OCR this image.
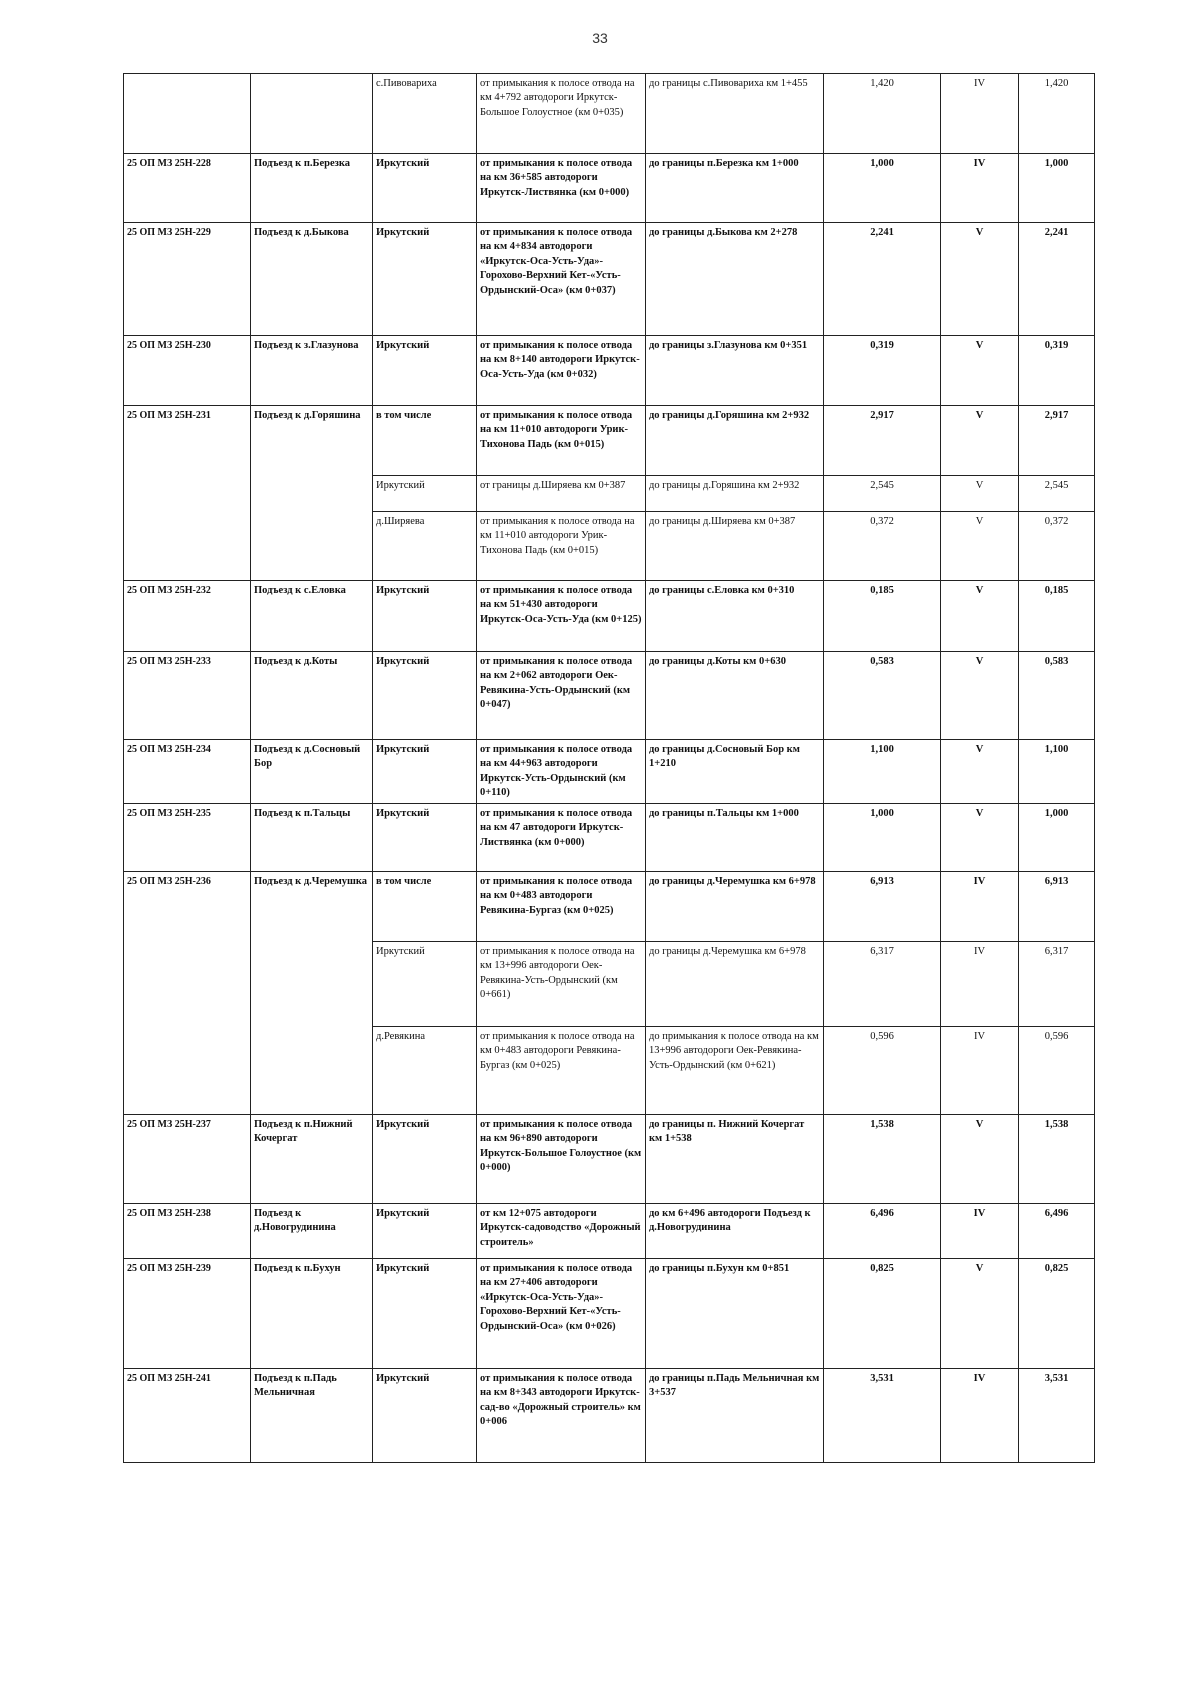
33
		с.Пивовариха	от примыкания к полосе отвода на км 4+792 автодороги Иркутск-Большое Голоустное (км 0+035)	до границы с.Пивовариха км 1+455	1,420	IV	1,420
25 ОП МЗ 25Н-228	Подъезд к п.Березка	Иркутский	от примыкания к полосе отвода на км 36+585 автодороги Иркутск-Листвянка (км 0+000)	до границы п.Березка км 1+000	1,000	IV	1,000
25 ОП МЗ 25Н-229	Подъезд к д.Быкова	Иркутский	от примыкания к полосе отвода на км 4+834 автодороги «Иркутск-Оса-Усть-Уда»-Горохово-Верхний Кет-«Усть-Ордынский-Оса» (км 0+037)	до границы д.Быкова км 2+278	2,241	V	2,241
25 ОП МЗ 25Н-230	Подъезд к з.Глазунова	Иркутский	от примыкания к полосе отвода на км 8+140 автодороги Иркутск-Оса-Усть-Уда (км 0+032)	до границы з.Глазунова км 0+351	0,319	V	0,319
25 ОП МЗ 25Н-231	Подъезд к д.Горяшина	в том числе	от примыкания к полосе отвода на км 11+010 автодороги Урик-Тихонова Падь (км 0+015)	до границы д.Горяшина км 2+932	2,917	V	2,917
		Иркутский	от границы д.Ширяева км 0+387	до границы д.Горяшина км 2+932	2,545	V	2,545
		д.Ширяева	от примыкания к полосе отвода на км 11+010 автодороги Урик-Тихонова Падь (км 0+015)	до границы д.Ширяева км 0+387	0,372	V	0,372
25 ОП МЗ 25Н-232	Подъезд к с.Еловка	Иркутский	от примыкания к полосе отвода на км 51+430 автодороги Иркутск-Оса-Усть-Уда (км 0+125)	до границы с.Еловка км 0+310	0,185	V	0,185
25 ОП МЗ 25Н-233	Подъезд к д.Коты	Иркутский	от примыкания к полосе отвода на км 2+062 автодороги Оек-Ревякина-Усть-Ордынский (км 0+047)	до границы д.Коты км 0+630	0,583	V	0,583
25 ОП МЗ 25Н-234	Подъезд к д.Сосновый Бор	Иркутский	от примыкания к полосе отвода на км 44+963 автодороги Иркутск-Усть-Ордынский (км 0+110)	до границы д.Сосновый Бор км 1+210	1,100	V	1,100
25 ОП МЗ 25Н-235	Подъезд к п.Тальцы	Иркутский	от примыкания к полосе отвода на км 47 автодороги Иркутск-Листвянка (км 0+000)	до границы п.Тальцы км 1+000	1,000	V	1,000
25 ОП МЗ 25Н-236	Подъезд к д.Черемушка	в том числе	от примыкания к полосе отвода на км 0+483 автодороги Ревякина-Бургаз (км 0+025)	до границы д.Черемушка км 6+978	6,913	IV	6,913
		Иркутский	от примыкания к полосе отвода на км 13+996 автодороги Оек-Ревякина-Усть-Ордынский (км 0+661)	до границы д.Черемушка км 6+978	6,317	IV	6,317
		д.Ревякина	от примыкания к полосе отвода на км 0+483 автодороги Ревякина-Бургаз (км 0+025)	до примыкания к полосе отвода на км 13+996 автодороги Оек-Ревякина-Усть-Ордынский (км 0+621)	0,596	IV	0,596
25 ОП МЗ 25Н-237	Подъезд к п.Нижний Кочергат	Иркутский	от примыкания к полосе отвода на км 96+890 автодороги Иркутск-Большое Голоустное (км 0+000)	до границы п. Нижний Кочергат км 1+538	1,538	V	1,538
25 ОП МЗ 25Н-238	Подъезд к д.Новогрудинина	Иркутский	от км 12+075 автодороги Иркутск-садоводство «Дорожный строитель»	до км 6+496 автодороги Подъезд к д.Новогрудинина	6,496	IV	6,496
25 ОП МЗ 25Н-239	Подъезд к п.Бухун	Иркутский	от примыкания к полосе отвода на км 27+406 автодороги «Иркутск-Оса-Усть-Уда»-Горохово-Верхний Кет-«Усть-Ордынский-Оса» (км 0+026)	до границы п.Бухун км 0+851	0,825	V	0,825
25 ОП МЗ 25Н-241	Подъезд к п.Падь Мельничная	Иркутский	от примыкания к полосе отвода на км 8+343 автодороги Иркутск-сад-во «Дорожный строитель» км 0+006	до границы п.Падь Мельничная км 3+537	3,531	IV	3,531
